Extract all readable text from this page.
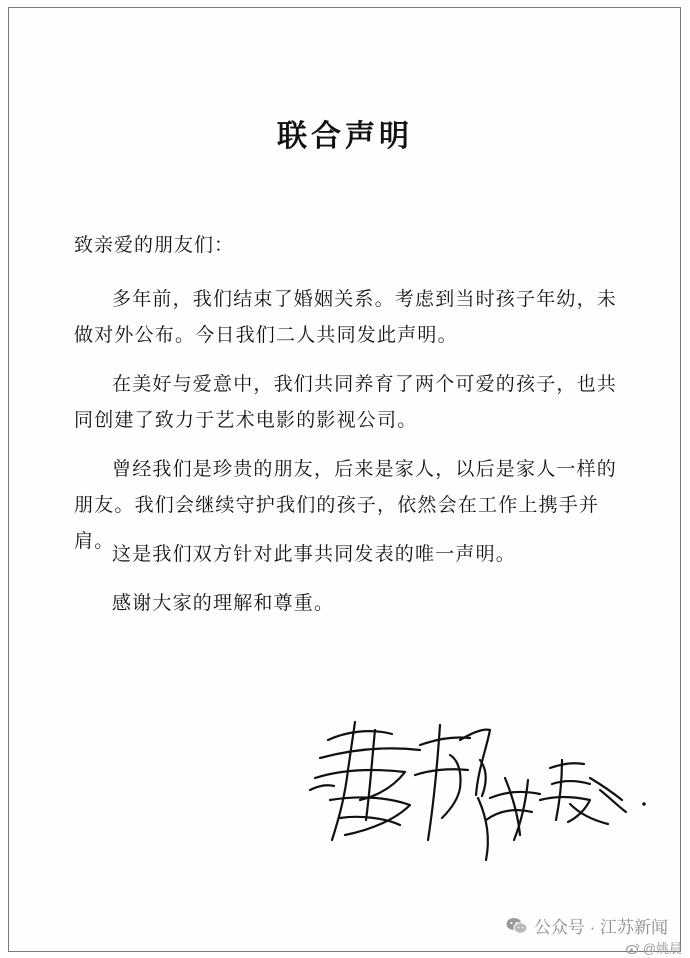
联合声明
致亲爱的朋友们：

多年前，我们结束了婚姻关系。考虑到当时孩子年幼，未做对外公布。今日我们二人共同发此声明。

在美好与爱意中，我们共同养育了两个可爱的孩子，也共同创建了致力于艺术电影的影视公司。

曾经我们是珍贵的朋友，后来是家人，以后是家人一样的朋友。我们会继续守护我们的孩子，依然会在工作上携手并肩。

这是我们双方针对此事共同发表的唯一声明。

感谢大家的理解和尊重。

公众号 · 江苏新闻
@姚晨
